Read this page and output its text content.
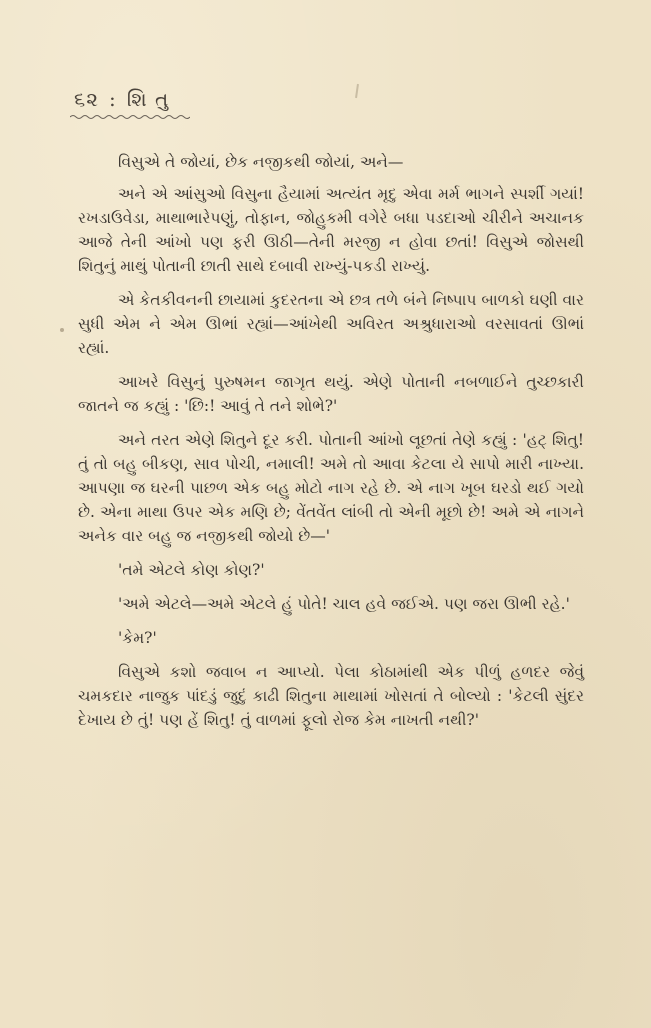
૬૨ : શિ તુ

વિસુએ તે જોયાં, છેક નજીકથી જોયાં, અને—

અને એ આંસુઓ વિસુના હૈયામાં અત્યંત મૃદુ એવા મર્મ ભાગને સ્પર્શી ગયાં! રખડાઉવેડા, માથાભારેપણું, તોફાન, જોહુકમી વગેરે બધા પડદાઓ ચીરીને અચાનક આજે તેની આંખો પણ ફરી ઊઠી—તેની મરજી ન હોવા છતાં! વિસુએ જોસથી શિતુનું માથું પોતાની છાતી સાથે દબાવી રાખ્યું-પકડી રાખ્યું.

એ કેતકીવનની છાયામાં કુદરતના એ છત્ર તળે બંને નિષ્પાપ બાળકો ઘણી વાર સુધી એમ ને એમ ઊભાં રહ્યાં—આંખેથી અવિરત અશ્રુધારાઓ વરસાવતાં ઊભાં રહ્યાં.

આખરે વિસુનું પુરુષમન જાગૃત થયું. એણે પોતાની નબળાઈને તુચ્છકારી જાતને જ કહ્યું : 'છિ:! આવું તે તને શોભે?'

અને તરત એણે શિતુને દૂર કરી. પોતાની આંખો લૂછતાં તેણે કહ્યું : 'હટ્ શિતુ! તું તો બહુ બીકણ, સાવ પોચી, નમાલી! અમે તો આવા કેટલા યે સાપો મારી નાખ્યા. આપણા જ ઘરની પાછળ એક બહુ મોટો નાગ રહે છે. એ નાગ ખૂબ ઘરડો થઈ ગયો છે. એના માથા ઉપર એક મણિ છે; વેંતવેંત લાંબી તો એની મૂછો છે! અમે એ નાગને અનેક વાર બહુ જ નજીકથી જોયો છે—'

'તમે એટલે કોણ કોણ?'

'અમે એટલે—અમે એટલે હું પોતે! ચાલ હવે જઈએ. પણ જરા ઊભી રહે.'

'કેમ?'

વિસુએ કશો જવાબ ન આપ્યો. પેલા કોઠામાંથી એક પીળું હળદર જેવું ચમકદાર નાજુક પાંદડું જુદું કાઢી શિતુના માથામાં ખોસતાં તે બોલ્યો : 'કેટલી સુંદર દેખાય છે તું! પણ હેં શિતુ! તું વાળમાં ફૂલો રોજ કેમ નાખતી નથી?'
